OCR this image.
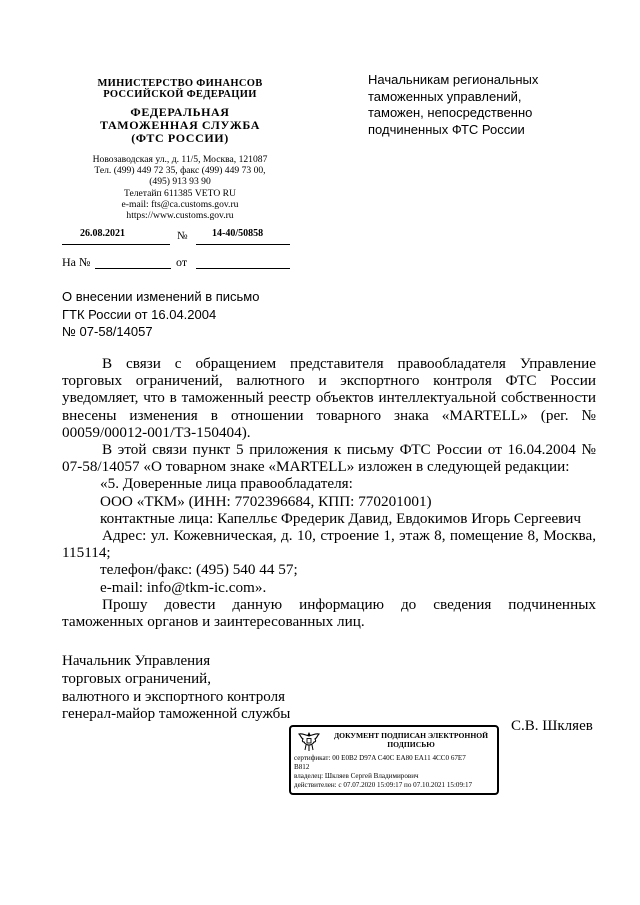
МИНИСТЕРСТВО ФИНАНСОВ
РОССИЙСКОЙ ФЕДЕРАЦИИ
ФЕДЕРАЛЬНАЯ
ТАМОЖЕННАЯ СЛУЖБА
(ФТС РОССИИ)
Новозаводская ул., д. 11/5, Москва, 121087
Тел. (499) 449 72 35, факс (499) 449 73 00,
(495) 913 93 90
Телетайп 611385 VETO RU
e-mail: fts@ca.customs.gov.ru
https://www.customs.gov.ru
26.08.2021	№ 14-40/50858
На №	от
Начальникам региональных
таможенных управлений,
таможен, непосредственно
подчиненных ФТС России
О внесении изменений в письмо
ГТК России от 16.04.2004
№ 07-58/14057
В связи с обращением представителя правообладателя Управление торговых ограничений, валютного и экспортного контроля ФТС России уведомляет, что в таможенный реестр объектов интеллектуальной собственности внесены изменения в отношении товарного знака «MARTELL» (рег. № 00059/00012-001/ТЗ-150404).
В этой связи пункт 5 приложения к письму ФТС России от 16.04.2004 № 07-58/14057 «О товарном знаке «MARTELL» изложен в следующей редакции:
«5. Доверенные лица правообладателя:
ООО «ТКМ» (ИНН: 7702396684, КПП: 770201001)
контактные лица: Капелльє Фредерик Давид, Евдокимов Игорь Сергеевич
Адрес: ул. Кожевническая, д. 10, строение 1, этаж 8, помещение 8, Москва, 115114;
телефон/факс: (495) 540 44 57;
e-mail: info@tkm-ic.com».
Прошу довести данную информацию до сведения подчиненных таможенных органов и заинтересованных лиц.
Начальник Управления
торговых ограничений,
валютного и экспортного контроля
генерал-майор таможенной службы
С.В. Шкляев
ДОКУМЕНТ ПОДПИСАН ЭЛЕКТРОННОЙ ПОДПИСЬЮ
сертификат: 00 E0B2 D97A C40C EA80 EA11 4CC0 67E7
B812
владелец: Шкляев Сергей Владимирович
действителен: с 07.07.2020 15:09:17 по 07.10.2021 15:09:17
